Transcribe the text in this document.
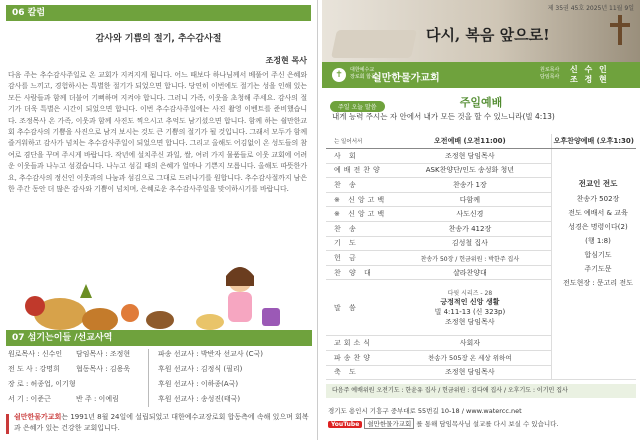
06 칼럼
감사와 기쁨의 절기, 추수감사절
조정현 목사
다음 주는 추수감사주일로 온 교회가 지켜지게 됩니다. 어느 때보다 하나님께서 베풀어 주신 은혜와 감사를 느끼고, 경험하시는 특별한 절기가 되었으면 합니다. 당연히 이번에도 절기는 성을 인해 있는 모든 사람들과 함께 더불어 기뻐하며 지켜야 합니다. 그러니 가족, 이웃을 초청해 주세요. 감사의 절기가 더욱 특별은 시간이 되었으면 합니다. 이번 추수감사주일에는 사진 촬영 이벤트를 준비했습니다. 조정목사 온 가족, 이웃과 함께 사진도 찍으시고 추억도 남기셨으면 합니다. 함께 하는 쉴만한교회 추수감사의 기쁨을 사진으로 남겨 보시는 것도 큰 기쁨의 절기가 될 것입니다. 그래서 모두가 함께 즐거워하고 감사가 넘치는 추수감사주일이 되었으면 합니다. 그리고 올해도 어김없이 온 성도들의 참여로 겸단을 꾸며 주시게 바랍니다. 작년에 설치주신 과일, 쌀, 여러 가지 물품들로 이웃 교회에 어려운 이웃들과 나누고 섬겼습니다. 나누고 섬길 때의 은혜가 얼마나 기쁜지 모릅니다. 올해도 따뜻한가요, 추수감사의 정신인 이웃과의 나눔과 섬김으로 그대로 드러나기를 원합니다. 추수감사절까지 남은 한 주간 동안 더 많은 감사와 기쁨이 넘치며, 은혜로운 추수감사주일을 맞이하시기를 바랍니다.
07 섬기는이들 /선교사역
원로목사 : 신수인	담임목사 : 조정현	파송 선교사 : 박반자 선교사 (C국)
전 도 사 : 강명희	협동목사 : 김용욱	후원 선교사 : 김정식 (필리)
장 로 : 허종업, 이기형	후원 선교사 : 이하종(A국)
서 기 : 이준근	반 주 : 이예림	후원 선교사 : 송성진(태국)
쉴만한물가교회는 1991년 8월 24일에 설립되었고 대한예수교장로회 합동측에 속해 있으며 회복과 은혜가 있는 건강한 교회입니다.
제 35권 45호 2025년 11월 9일
다시, 복음 앞으로!
✝	대한예수교
장로회 합동
쉴만한물가교회
원로목사
담임목사
신 수 인
조 정 현
주일예배
주일 오늘 말씀
내게 능력 주시는 자 안에서 내가 모든 것을 할 수 있느니라(빌 4:13)
는 일어서서	오전예배 (오전11:00)	오후찬양예배 (오후1:30)
사 회	조정현 담임목사	
예배전찬양	ASK찬양단/인도 송성화 청년	
찬 송	찬송가 1장	
※ 신앙고백	다함께	
※ 신앙고백	사도신경	
찬 송	찬송가 412장	
기 도	김성철 집사	
헌 금	찬송가 50장 / 헌금위원 : 박한주 집사	
찬 양 대	샬라찬양대	
말 씀	다윗 시리즈 - 28
긍정적인 신앙 생활
빌 4:11-13 (신 323p)
조정현 담임목사	

교회소식	사회자	
파송찬양	찬송가 505장 온 세상 위하여	
축 도	조정현 담임목사	
전교인 전도
찬송가 502장
전도 예배서 & 교육
성경은 명령이다(2)
(행 1:8)
합심기도
주기도문
전도현장 : 문고리 전도
다음주 예배위원 오전기도 : 한윤유 집사 / 헌금위원 : 김다애 집사 / 오후기도 : 이기민 집사
경기도 용인시 기흥구 중부대로 55번길 10-18 / www.watercc.net
YouTube 쉴만한물가교회 를 통해 담임목사님 설교를 다시 보실 수 있습니다.
